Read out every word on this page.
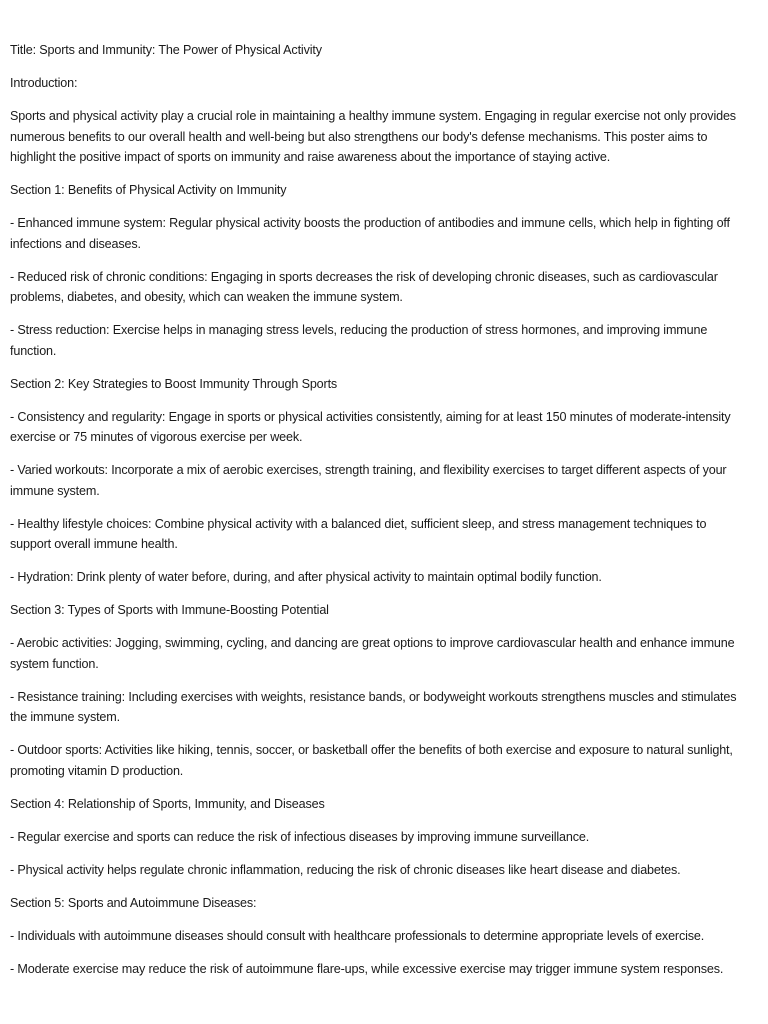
Title: Sports and Immunity: The Power of Physical Activity

Introduction:

Sports and physical activity play a crucial role in maintaining a healthy immune system. Engaging in regular exercise not only provides numerous benefits to our overall health and well-being but also strengthens our body's defense mechanisms. This poster aims to highlight the positive impact of sports on immunity and raise awareness about the importance of staying active.

Section 1: Benefits of Physical Activity on Immunity

- Enhanced immune system: Regular physical activity boosts the production of antibodies and immune cells, which help in fighting off infections and diseases.

- Reduced risk of chronic conditions: Engaging in sports decreases the risk of developing chronic diseases, such as cardiovascular problems, diabetes, and obesity, which can weaken the immune system.

- Stress reduction: Exercise helps in managing stress levels, reducing the production of stress hormones, and improving immune function.

Section 2: Key Strategies to Boost Immunity Through Sports

- Consistency and regularity: Engage in sports or physical activities consistently, aiming for at least 150 minutes of moderate-intensity exercise or 75 minutes of vigorous exercise per week.

- Varied workouts: Incorporate a mix of aerobic exercises, strength training, and flexibility exercises to target different aspects of your immune system.

- Healthy lifestyle choices: Combine physical activity with a balanced diet, sufficient sleep, and stress management techniques to support overall immune health.

- Hydration: Drink plenty of water before, during, and after physical activity to maintain optimal bodily function.

Section 3: Types of Sports with Immune-Boosting Potential

- Aerobic activities: Jogging, swimming, cycling, and dancing are great options to improve cardiovascular health and enhance immune system function.

- Resistance training: Including exercises with weights, resistance bands, or bodyweight workouts strengthens muscles and stimulates the immune system.

- Outdoor sports: Activities like hiking, tennis, soccer, or basketball offer the benefits of both exercise and exposure to natural sunlight, promoting vitamin D production.

Section 4: Relationship of Sports, Immunity, and Diseases

- Regular exercise and sports can reduce the risk of infectious diseases by improving immune surveillance.

- Physical activity helps regulate chronic inflammation, reducing the risk of chronic diseases like heart disease and diabetes.

Section 5: Sports and Autoimmune Diseases:

- Individuals with autoimmune diseases should consult with healthcare professionals to determine appropriate levels of exercise.

- Moderate exercise may reduce the risk of autoimmune flare-ups, while excessive exercise may trigger immune system responses.
